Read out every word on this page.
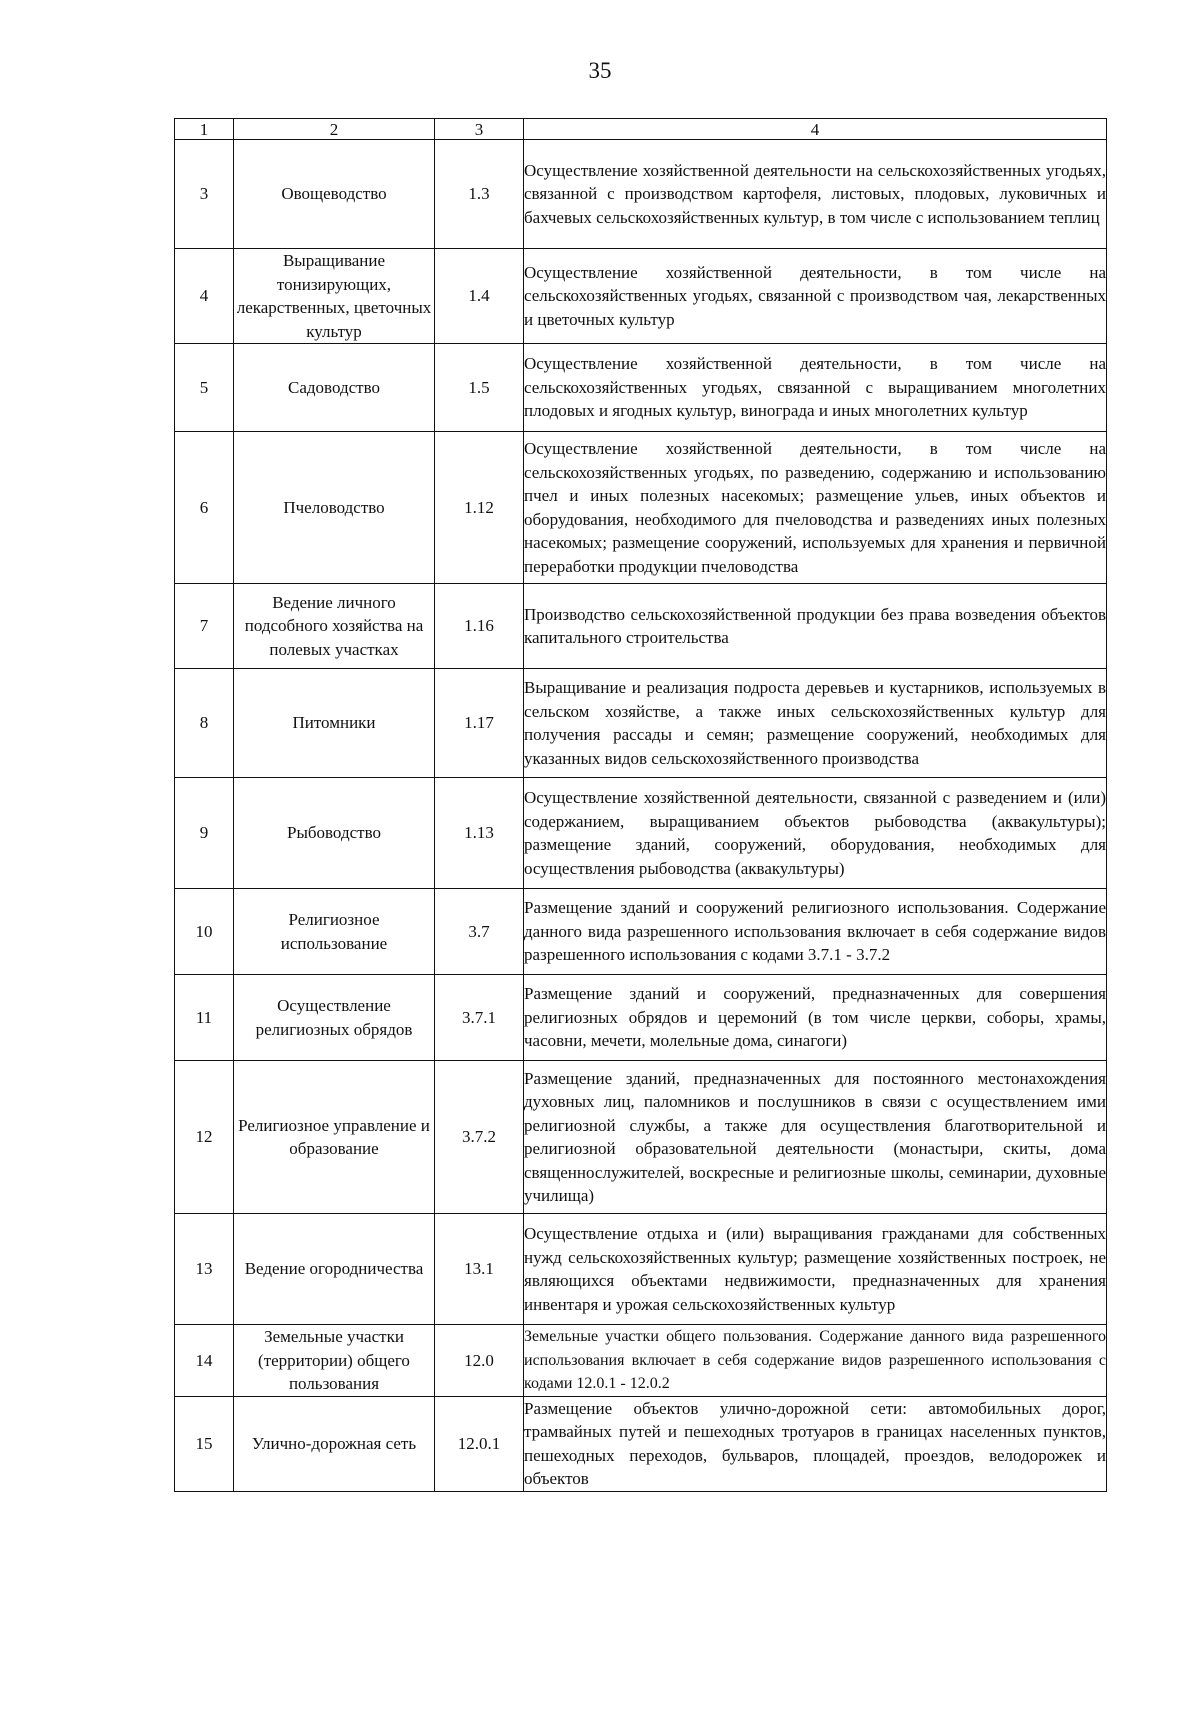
35
1	2	3	4
3	Овощеводство	1.3	Осуществление хозяйственной деятельности на сельскохозяйственных угодьях, связанной с производством картофеля, листовых, плодовых, луковичных и бахчевых сельскохозяйственных культур, в том числе с использованием теплиц
4	Выращивание тонизирующих, лекарственных, цветочных культур	1.4	Осуществление хозяйственной деятельности, в том числе на сельскохозяйственных угодьях, связанной с производством чая, лекарственных и цветочных культур
5	Садоводство	1.5	Осуществление хозяйственной деятельности, в том числе на сельскохозяйственных угодьях, связанной с выращиванием многолетних плодовых и ягодных культур, винограда и иных многолетних культур
6	Пчеловодство	1.12	Осуществление хозяйственной деятельности, в том числе на сельскохозяйственных угодьях, по разведению, содержанию и использованию пчел и иных полезных насекомых; размещение ульев, иных объектов и оборудования, необходимого для пчеловодства и разведениях иных полезных насекомых; размещение сооружений, используемых для хранения и первичной переработки продукции пчеловодства
7	Ведение личного подсобного хозяйства на полевых участках	1.16	Производство сельскохозяйственной продукции без права возведения объектов капитального строительства
8	Питомники	1.17	Выращивание и реализация подроста деревьев и кустарников, используемых в сельском хозяйстве, а также иных сельскохозяйственных культур для получения рассады и семян; размещение сооружений, необходимых для указанных видов сельскохозяйственного производства
9	Рыбоводство	1.13	Осуществление хозяйственной деятельности, связанной с разведением и (или) содержанием, выращиванием объектов рыбоводства (аквакультуры); размещение зданий, сооружений, оборудования, необходимых для осуществления рыбоводства (аквакультуры)
10	Религиозное использование	3.7	Размещение зданий и сооружений религиозного использования. Содержание данного вида разрешенного использования включает в себя содержание видов разрешенного использования с кодами 3.7.1 - 3.7.2
11	Осуществление религиозных обрядов	3.7.1	Размещение зданий и сооружений, предназначенных для совершения религиозных обрядов и церемоний (в том числе церкви, соборы, храмы, часовни, мечети, молельные дома, синагоги)
12	Религиозное управление и образование	3.7.2	Размещение зданий, предназначенных для постоянного местонахождения духовных лиц, паломников и послушников в связи с осуществлением ими религиозной службы, а также для осуществления благотворительной и религиозной образовательной деятельности (монастыри, скиты, дома священнослужителей, воскресные и религиозные школы, семинарии, духовные училища)
13	Ведение огородничества	13.1	Осуществление отдыха и (или) выращивания гражданами для собственных нужд сельскохозяйственных культур; размещение хозяйственных построек, не являющихся объектами недвижимости, предназначенных для хранения инвентаря и урожая сельскохозяйственных культур
14	Земельные участки (территории) общего пользования	12.0	Земельные участки общего пользования. Содержание данного вида разрешенного использования включает в себя содержание видов разрешенного использования с кодами 12.0.1 - 12.0.2
15	Улично-дорожная сеть	12.0.1	Размещение объектов улично-дорожной сети: автомобильных дорог, трамвайных путей и пешеходных тротуаров в границах населенных пунктов, пешеходных переходов, бульваров, площадей, проездов, велодорожек и объектов
